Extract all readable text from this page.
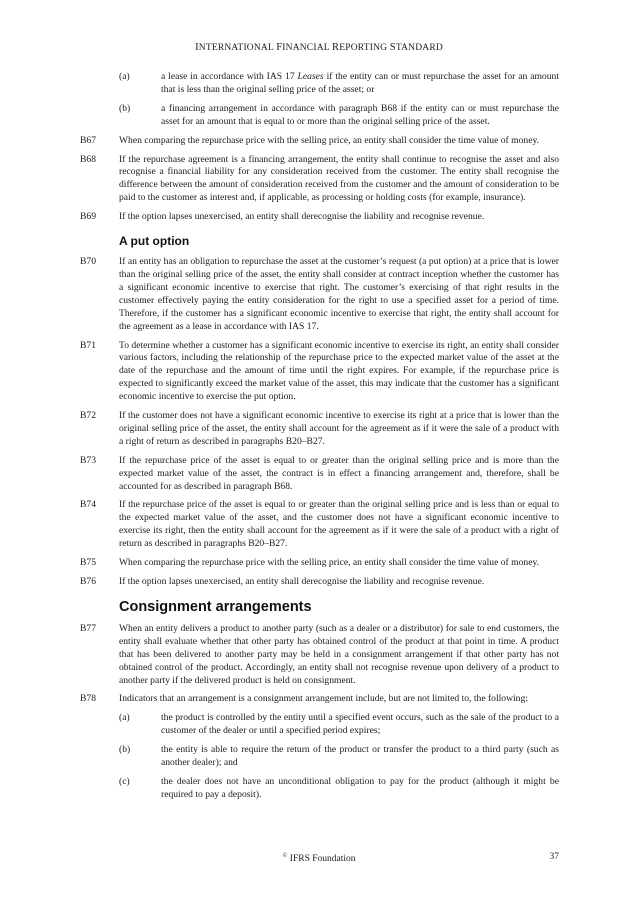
INTERNATIONAL FINANCIAL REPORTING STANDARD
(a)	a lease in accordance with IAS 17 Leases if the entity can or must repurchase the asset for an amount that is less than the original selling price of the asset; or
(b)	a financing arrangement in accordance with paragraph B68 if the entity can or must repurchase the asset for an amount that is equal to or more than the original selling price of the asset.
B67 When comparing the repurchase price with the selling price, an entity shall consider the time value of money.
B68 If the repurchase agreement is a financing arrangement, the entity shall continue to recognise the asset and also recognise a financial liability for any consideration received from the customer. The entity shall recognise the difference between the amount of consideration received from the customer and the amount of consideration to be paid to the customer as interest and, if applicable, as processing or holding costs (for example, insurance).
B69 If the option lapses unexercised, an entity shall derecognise the liability and recognise revenue.
A put option
B70 If an entity has an obligation to repurchase the asset at the customer’s request (a put option) at a price that is lower than the original selling price of the asset, the entity shall consider at contract inception whether the customer has a significant economic incentive to exercise that right. The customer’s exercising of that right results in the customer effectively paying the entity consideration for the right to use a specified asset for a period of time. Therefore, if the customer has a significant economic incentive to exercise that right, the entity shall account for the agreement as a lease in accordance with IAS 17.
B71 To determine whether a customer has a significant economic incentive to exercise its right, an entity shall consider various factors, including the relationship of the repurchase price to the expected market value of the asset at the date of the repurchase and the amount of time until the right expires. For example, if the repurchase price is expected to significantly exceed the market value of the asset, this may indicate that the customer has a significant economic incentive to exercise the put option.
B72 If the customer does not have a significant economic incentive to exercise its right at a price that is lower than the original selling price of the asset, the entity shall account for the agreement as if it were the sale of a product with a right of return as described in paragraphs B20–B27.
B73 If the repurchase price of the asset is equal to or greater than the original selling price and is more than the expected market value of the asset, the contract is in effect a financing arrangement and, therefore, shall be accounted for as described in paragraph B68.
B74 If the repurchase price of the asset is equal to or greater than the original selling price and is less than or equal to the expected market value of the asset, and the customer does not have a significant economic incentive to exercise its right, then the entity shall account for the agreement as if it were the sale of a product with a right of return as described in paragraphs B20–B27.
B75 When comparing the repurchase price with the selling price, an entity shall consider the time value of money.
B76 If the option lapses unexercised, an entity shall derecognise the liability and recognise revenue.
Consignment arrangements
B77 When an entity delivers a product to another party (such as a dealer or a distributor) for sale to end customers, the entity shall evaluate whether that other party has obtained control of the product at that point in time. A product that has been delivered to another party may be held in a consignment arrangement if that other party has not obtained control of the product. Accordingly, an entity shall not recognise revenue upon delivery of a product to another party if the delivered product is held on consignment.
B78 Indicators that an arrangement is a consignment arrangement include, but are not limited to, the following:
(a)	the product is controlled by the entity until a specified event occurs, such as the sale of the product to a customer of the dealer or until a specified period expires;
(b)	the entity is able to require the return of the product or transfer the product to a third party (such as another dealer); and
(c)	the dealer does not have an unconditional obligation to pay for the product (although it might be required to pay a deposit).
© IFRS Foundation	37
